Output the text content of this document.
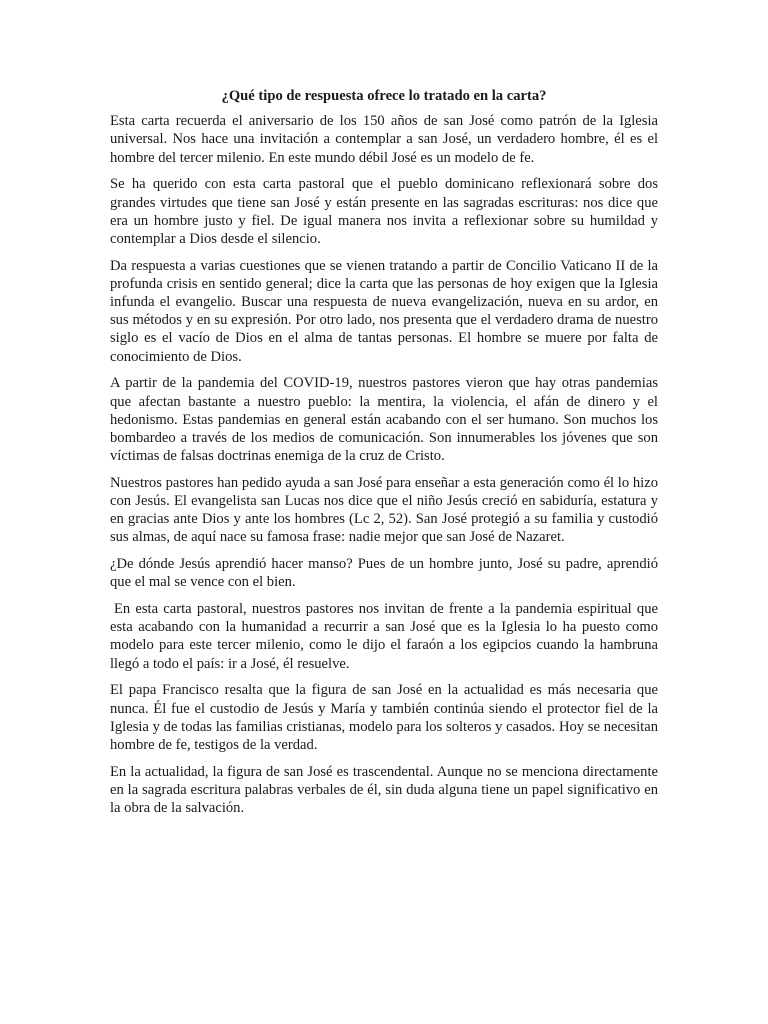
¿Qué tipo de respuesta ofrece lo tratado en la carta?

Esta carta recuerda el aniversario de los 150 años de san José como patrón de la Iglesia universal. Nos hace una invitación a contemplar a san José, un verdadero hombre, él es el hombre del tercer milenio. En este mundo débil José es un modelo de fe.

Se ha querido con esta carta pastoral que el pueblo dominicano reflexionará sobre dos grandes virtudes que tiene san José y están presente en las sagradas escrituras: nos dice que era un hombre justo y fiel. De igual manera nos invita a reflexionar sobre su humildad y contemplar a Dios desde el silencio.

Da respuesta a varias cuestiones que se vienen tratando a partir de Concilio Vaticano II de la profunda crisis en sentido general; dice la carta que las personas de hoy exigen que la Iglesia infunda el evangelio. Buscar una respuesta de nueva evangelización, nueva en su ardor, en sus métodos y en su expresión. Por otro lado, nos presenta que el verdadero drama de nuestro siglo es el vacío de Dios en el alma de tantas personas. El hombre se muere por falta de conocimiento de Dios.

A partir de la pandemia del COVID-19, nuestros pastores vieron que hay otras pandemias que afectan bastante a nuestro pueblo: la mentira, la violencia, el afán de dinero y el hedonismo. Estas pandemias en general están acabando con el ser humano. Son muchos los bombardeo a través de los medios de comunicación. Son innumerables los jóvenes que son víctimas de falsas doctrinas enemiga de la cruz de Cristo.

Nuestros pastores han pedido ayuda a san José para enseñar a esta generación como él lo hizo con Jesús. El evangelista san Lucas nos dice que el niño Jesús creció en sabiduría, estatura y en gracias ante Dios y ante los hombres (Lc 2, 52). San José protegió a su familia y custodió sus almas, de aquí nace su famosa frase: nadie mejor que san José de Nazaret.

¿De dónde Jesús aprendió hacer manso? Pues de un hombre junto, José su padre, aprendió que el mal se vence con el bien.

En esta carta pastoral, nuestros pastores nos invitan de frente a la pandemia espiritual que esta acabando con la humanidad a recurrir a san José que es la Iglesia lo ha puesto como modelo para este tercer milenio, como le dijo el faraón a los egipcios cuando la hambruna llegó a todo el país: ir a José, él resuelve.

El papa Francisco resalta que la figura de san José en la actualidad es más necesaria que nunca. Él fue el custodio de Jesús y María y también continúa siendo el protector fiel de la Iglesia y de todas las familias cristianas, modelo para los solteros y casados. Hoy se necesitan hombre de fe, testigos de la verdad.

En la actualidad, la figura de san José es trascendental. Aunque no se menciona directamente en la sagrada escritura palabras verbales de él, sin duda alguna tiene un papel significativo en la obra de la salvación.
